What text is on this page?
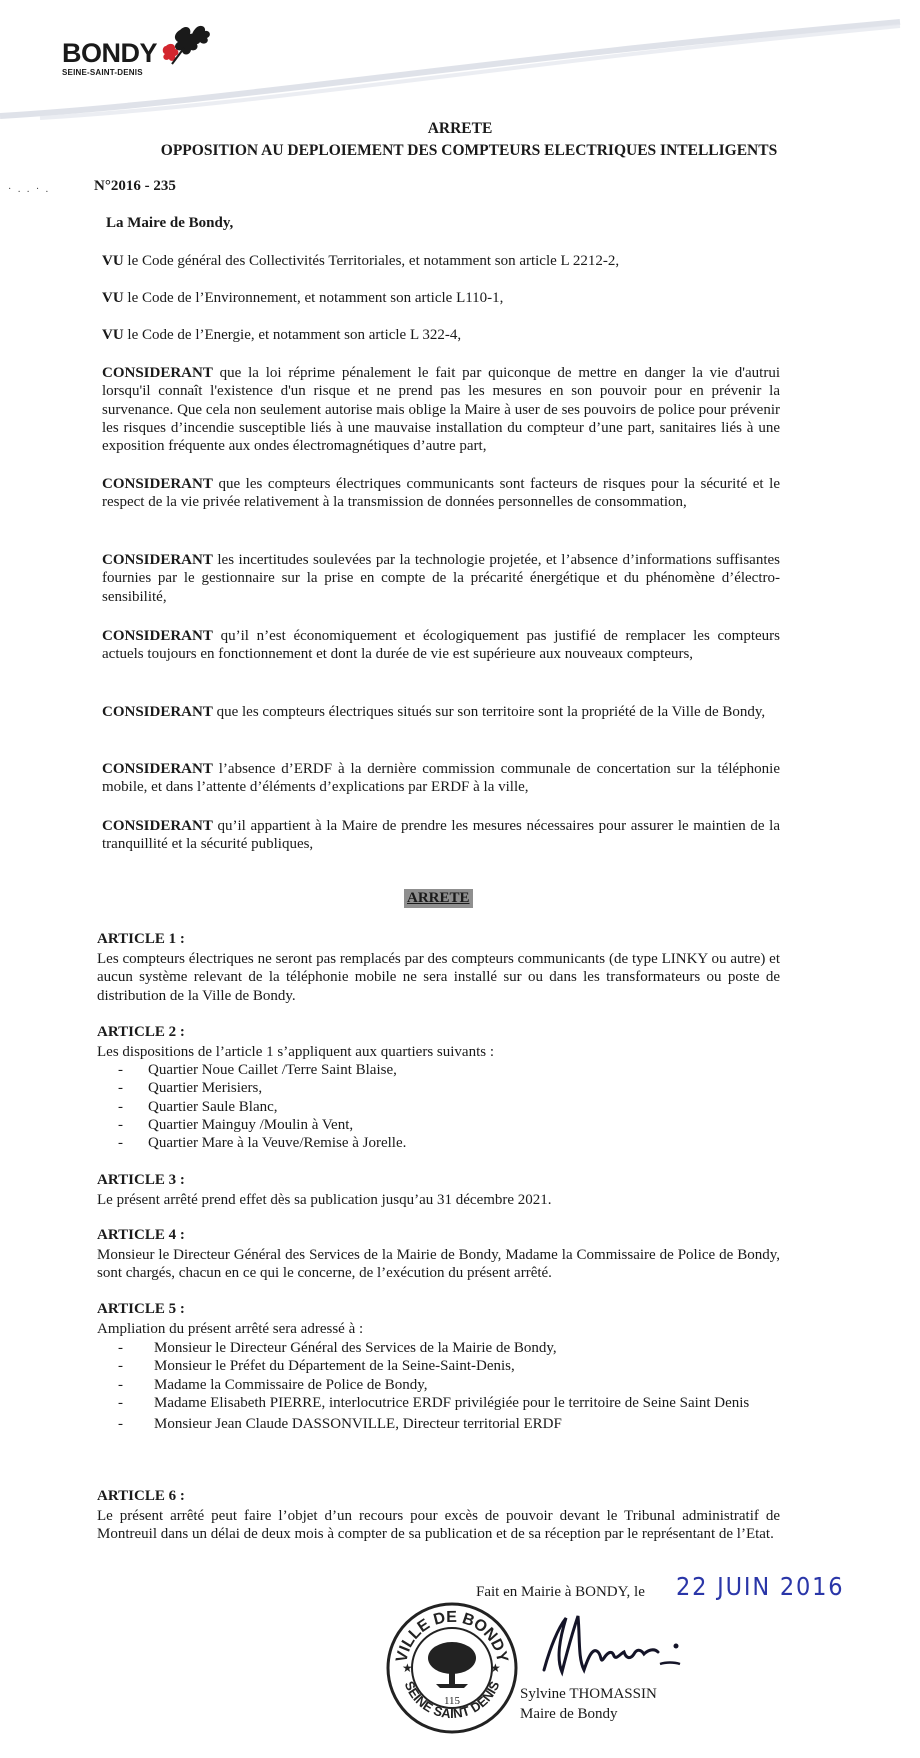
BONDY
SEINE-SAINT-DENIS
· . . · .
ARRETE
OPPOSITION AU DEPLOIEMENT DES COMPTEURS ELECTRIQUES INTELLIGENTS
N°2016 - 235
La Maire de Bondy,
VU le Code général des Collectivités Territoriales, et notamment son article L 2212-2,
VU le Code de l’Environnement, et notamment son article L110-1,
VU le Code de l’Energie, et notamment son article L 322-4,
CONSIDERANT que la loi réprime pénalement le fait par quiconque de mettre en danger la vie d'autrui lorsqu'il connaît l'existence d'un risque et ne prend pas les mesures en son pouvoir pour en prévenir la survenance. Que cela non seulement autorise mais oblige la Maire à user de ses pouvoirs de police pour prévenir les risques d’incendie susceptible liés à une mauvaise installation du compteur d’une part, sanitaires liés à une exposition fréquente aux ondes électromagnétiques d’autre part,
CONSIDERANT que les compteurs électriques communicants sont facteurs de risques pour la sécurité et le respect de la vie privée relativement à la transmission de données personnelles de consommation,
CONSIDERANT les incertitudes soulevées par la technologie projetée, et l’absence d’informations suffisantes fournies par le gestionnaire sur la prise en compte de la précarité énergétique et du phénomène d’électro-sensibilité,
CONSIDERANT qu’il n’est économiquement et écologiquement pas justifié de remplacer les compteurs actuels toujours en fonctionnement et dont la durée de vie est supérieure aux nouveaux compteurs,
CONSIDERANT que les compteurs électriques situés sur son territoire sont la propriété de la Ville de Bondy,
CONSIDERANT l’absence d’ERDF à la dernière commission communale de concertation sur la téléphonie mobile, et dans l’attente d’éléments d’explications par ERDF à la ville,
CONSIDERANT qu’il appartient à la Maire de prendre les mesures nécessaires pour assurer le maintien de la tranquillité et la sécurité publiques,
ARRETE
ARTICLE 1 :
Les compteurs électriques ne seront pas remplacés par des compteurs communicants (de type LINKY ou autre) et aucun système relevant de la téléphonie mobile ne sera installé sur ou dans les transformateurs ou poste de distribution de la Ville de Bondy.
ARTICLE 2 :
Les dispositions de l’article 1 s’appliquent aux quartiers suivants :
- Quartier Noue Caillet /Terre Saint Blaise,
- Quartier Merisiers,
- Quartier Saule Blanc,
- Quartier Mainguy /Moulin à Vent,
- Quartier Mare à la Veuve/Remise à Jorelle.
ARTICLE 3 :
Le présent arrêté prend effet dès sa publication jusqu’au 31 décembre 2021.
ARTICLE 4 :
Monsieur le Directeur Général des Services de la Mairie de Bondy, Madame la Commissaire de Police de Bondy, sont chargés, chacun en ce qui le concerne, de l’exécution du présent arrêté.
ARTICLE 5 :
Ampliation du présent arrêté sera adressé à :
- Monsieur le Directeur Général des Services de la Mairie de Bondy,
- Monsieur le Préfet du Département de la Seine-Saint-Denis,
- Madame la Commissaire de Police de Bondy,
- Madame Elisabeth PIERRE, interlocutrice ERDF privilégiée pour le territoire de Seine Saint Denis
- Monsieur Jean Claude DASSONVILLE, Directeur territorial ERDF
ARTICLE 6 :
Le présent arrêté peut faire l’objet d’un recours pour excès de pouvoir devant le Tribunal administratif de Montreuil dans un délai de deux mois à compter de sa publication et de sa réception par le représentant de l’Etat.
Fait en Mairie à BONDY, le 22 JUIN 2016
VILLE DE BONDY
SEINE SAINT DENIS
115
★	★
Sylvine THOMASSIN
Maire de Bondy
